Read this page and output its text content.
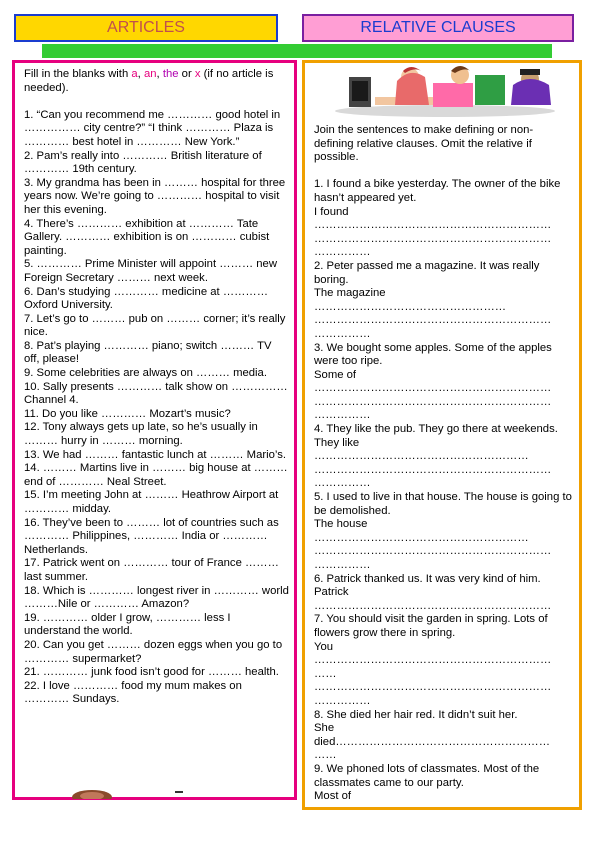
ARTICLES	RELATIVE CLAUSES

Fill in the blanks with a, an, the or x (if no article is needed).

1. “Can you recommend me ………… good hotel in …………… city centre?” “I think ………… Plaza is ………… best hotel in ………… New York.”

2. Pam’s really into ………… British literature of ………… 19th century.

3. My grandma has been in ……… hospital for three years now. We’re going to ………… hospital to visit her this evening.

4. There’s ………… exhibition at ………… Tate Gallery. ………… exhibition is on ………… cubist painting.

5. ………… Prime Minister will appoint ……… new Foreign Secretary ……… next week.

6. Dan’s studying ………… medicine at ………… Oxford University.

7. Let’s go to ……… pub on ……… corner; it’s really nice.

8. Pat’s playing ………… piano; switch ……… TV off, please!

9. Some celebrities are always on ……… media.

10. Sally presents ………… talk show on …………… Channel 4.

11. Do you like ………… Mozart’s music?

12. Tony always gets up late, so he’s usually in ……… hurry in ……… morning.

13. We had ……… fantastic lunch at ……… Mario’s.

14. ……… Martins live in ……… big house at ……… end of ………… Neal Street.

15. I’m meeting John at ……… Heathrow Airport at ………… midday.

16. They’ve been to ……… lot of countries such as ………… Philippines, ………… India or ………… Netherlands.

17. Patrick went on ………… tour of France ………
last summer.

18. Which is ………… longest river in ………… world ………Nile or ………… Amazon?

19. ………… older I grow, ………… less I understand the world.

20. Can you get ……… dozen eggs when you go to ………… supermarket?

21. ………… junk food isn’t good for ……… health.

22. I love ………… food my mum makes on ………… Sundays.

Join the sentences to make defining or non-defining relative clauses. Omit the relative if possible.

1. I found a bike yesterday. The owner of the bike hasn’t appeared yet.
I found
………………………………………………………
………………………………………………………
……………

2. Peter passed me a magazine. It was really boring.
The magazine
……………………………………………
………………………………………………………
……………

3. We bought some apples. Some of the apples were too ripe.
Some of
………………………………………………………
………………………………………………………
……………

4. They like the pub. They go there at weekends.
They like
…………………………………………………
………………………………………………………
……………

5. I used to live in that house. The house is going to be demolished.
The house
…………………………………………………
………………………………………………………
……………

6. Patrick thanked us. It was very kind of him.
Patrick
………………………………………………………

7. You should visit the garden in spring. Lots of flowers grow there in spring.
You
………………………………………………………
……
………………………………………………………
……………

8. She died her hair red. It didn’t suit her.
She
died…………………………………………………
……

9. We phoned lots of classmates. Most of the classmates came to our party.
Most of
